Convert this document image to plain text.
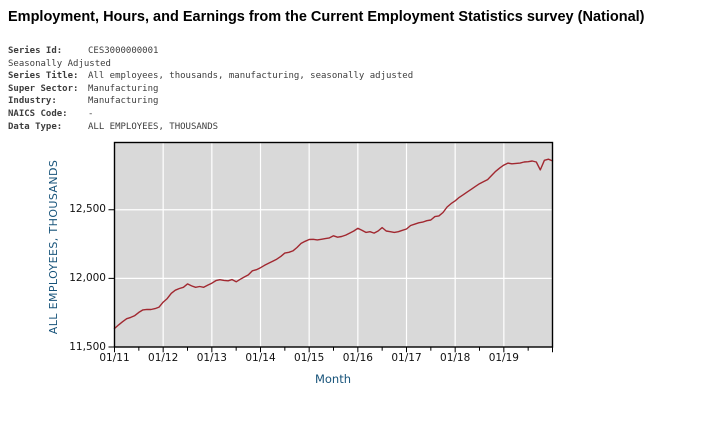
Employment, Hours, and Earnings from the Current Employment Statistics survey (National)
Series Id:	CES3000000001
Seasonally Adjusted
Series Title: All employees, thousands, manufacturing, seasonally adjusted
Super Sector: Manufacturing
Industry:	Manufacturing
NAICS Code: -
Data Type:	ALL EMPLOYEES, THOUSANDS
ALL EMPLOYEES, THOUSANDS
Month
01/11	01/12	01/13	01/14	01/15	01/16	01/17	01/18	01/19
11,500
12,000
12,500
